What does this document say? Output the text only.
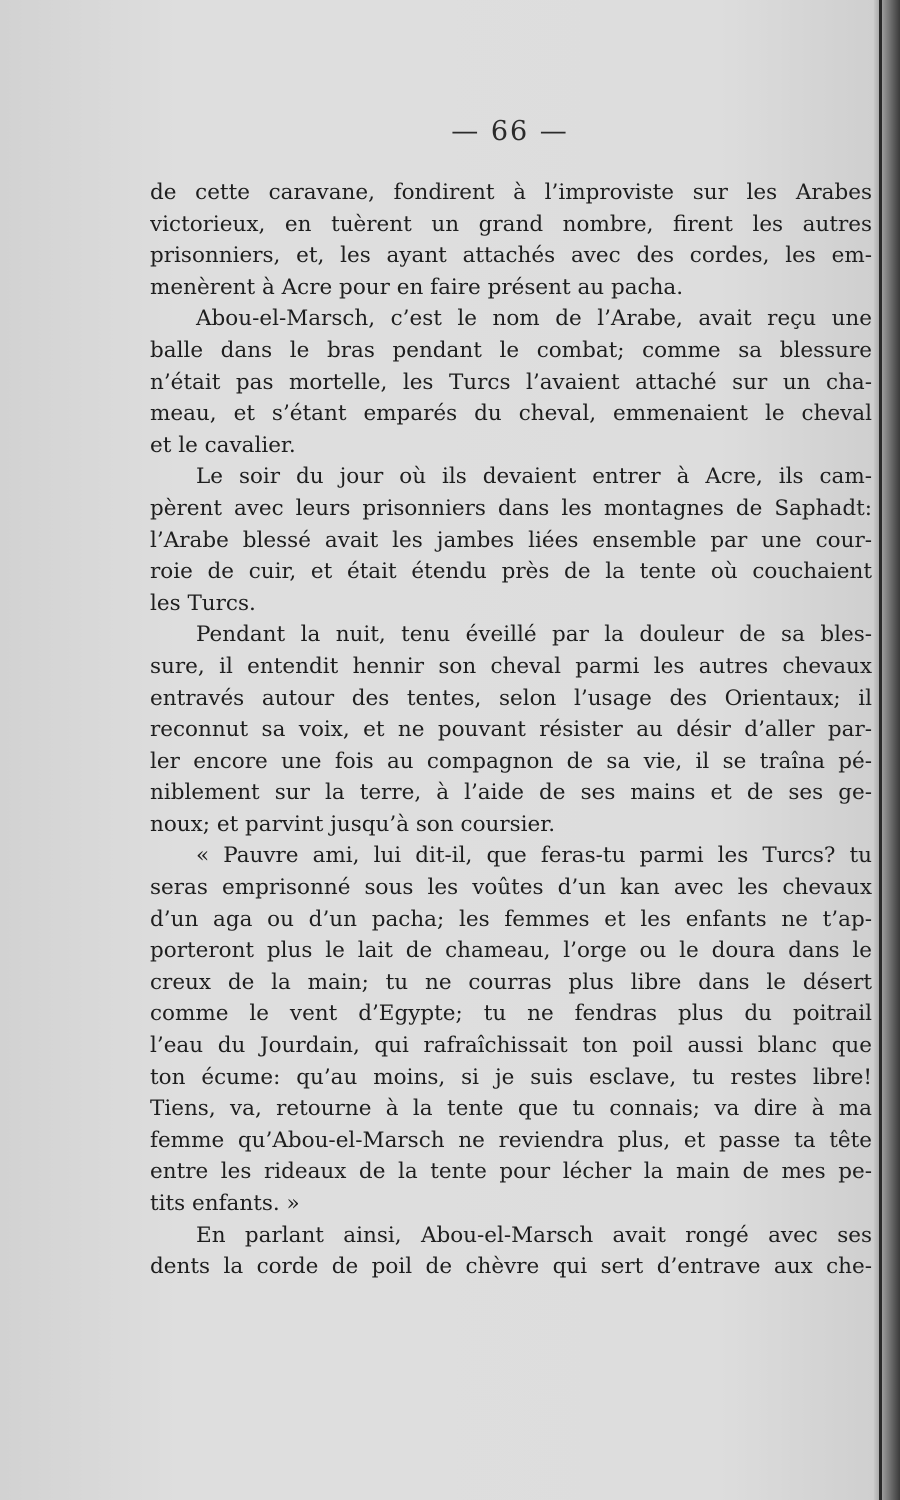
— 66 —
de cette caravane, fondirent à l’improviste sur les Arabes
victorieux, en tuèrent un grand nombre, firent les autres
prisonniers, et, les ayant attachés avec des cordes, les em-
menèrent à Acre pour en faire présent au pacha.
Abou-el-Marsch, c’est le nom de l’Arabe, avait reçu une
balle dans le bras pendant le combat; comme sa blessure
n’était pas mortelle, les Turcs l’avaient attaché sur un cha-
meau, et s’étant emparés du cheval, emmenaient le cheval
et le cavalier.
Le soir du jour où ils devaient entrer à Acre, ils cam-
pèrent avec leurs prisonniers dans les montagnes de Saphadt:
l’Arabe blessé avait les jambes liées ensemble par une cour-
roie de cuir, et était étendu près de la tente où couchaient
les Turcs.
Pendant la nuit, tenu éveillé par la douleur de sa bles-
sure, il entendit hennir son cheval parmi les autres chevaux
entravés autour des tentes, selon l’usage des Orientaux; il
reconnut sa voix, et ne pouvant résister au désir d’aller par-
ler encore une fois au compagnon de sa vie, il se traîna pé-
niblement sur la terre, à l’aide de ses mains et de ses ge-
noux; et parvint jusqu’à son coursier.
« Pauvre ami, lui dit-il, que feras-tu parmi les Turcs? tu
seras emprisonné sous les voûtes d’un kan avec les chevaux
d’un aga ou d’un pacha; les femmes et les enfants ne t’ap-
porteront plus le lait de chameau, l’orge ou le doura dans le
creux de la main; tu ne courras plus libre dans le désert
comme le vent d’Egypte; tu ne fendras plus du poitrail
l’eau du Jourdain, qui rafraîchissait ton poil aussi blanc que
ton écume: qu’au moins, si je suis esclave, tu restes libre!
Tiens, va, retourne à la tente que tu connais; va dire à ma
femme qu’Abou-el-Marsch ne reviendra plus, et passe ta tête
entre les rideaux de la tente pour lécher la main de mes pe-
tits enfants. »
En parlant ainsi, Abou-el-Marsch avait rongé avec ses
dents la corde de poil de chèvre qui sert d’entrave aux che-
